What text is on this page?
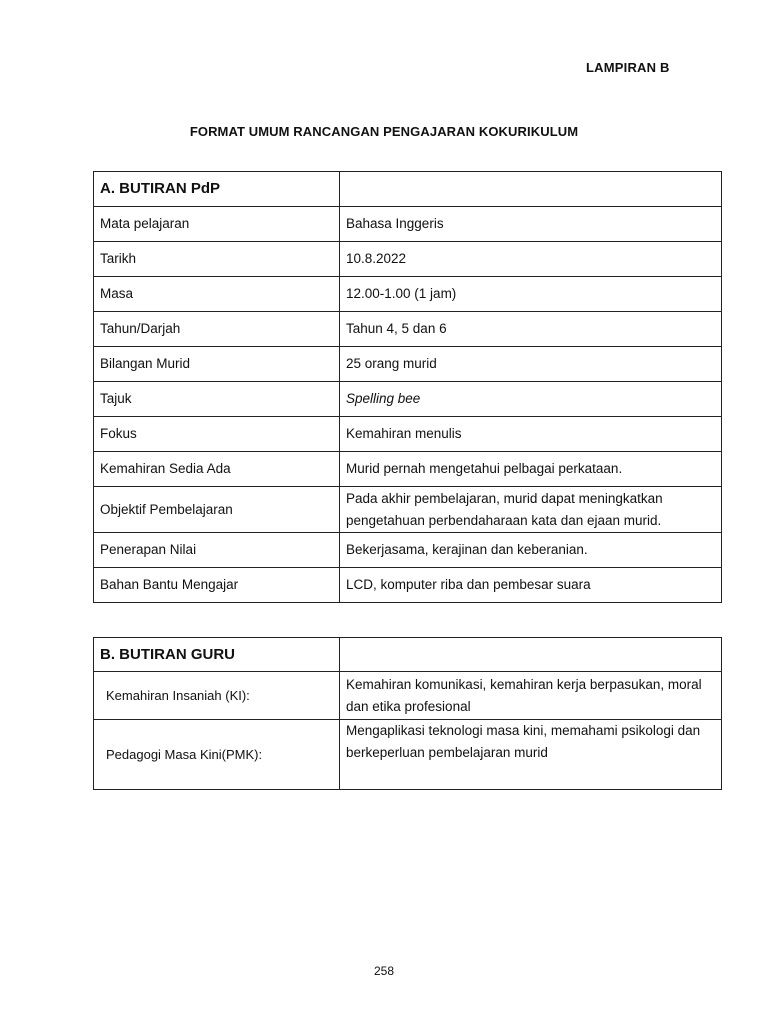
LAMPIRAN B
FORMAT UMUM RANCANGAN PENGAJARAN KOKURIKULUM
A. BUTIRAN PdP	
Mata pelajaran	Bahasa Inggeris
Tarikh	10.8.2022
Masa	12.00-1.00 (1 jam)
Tahun/Darjah	Tahun 4, 5 dan 6
Bilangan Murid	25 orang murid
Tajuk	Spelling bee
Fokus	Kemahiran menulis
Kemahiran Sedia Ada	Murid pernah mengetahui pelbagai perkataan.
Objektif Pembelajaran	Pada akhir pembelajaran, murid dapat meningkatkan pengetahuan perbendaharaan kata dan ejaan murid.
Penerapan Nilai	Bekerjasama, kerajinan dan keberanian.
Bahan Bantu Mengajar	LCD, komputer riba dan pembesar suara
B. BUTIRAN GURU	
Kemahiran Insaniah (KI):	Kemahiran komunikasi, kemahiran kerja berpasukan, moral dan etika profesional
Pedagogi Masa Kini(PMK):	Mengaplikasi teknologi masa kini, memahami psikologi dan berkeperluan pembelajaran murid
258
